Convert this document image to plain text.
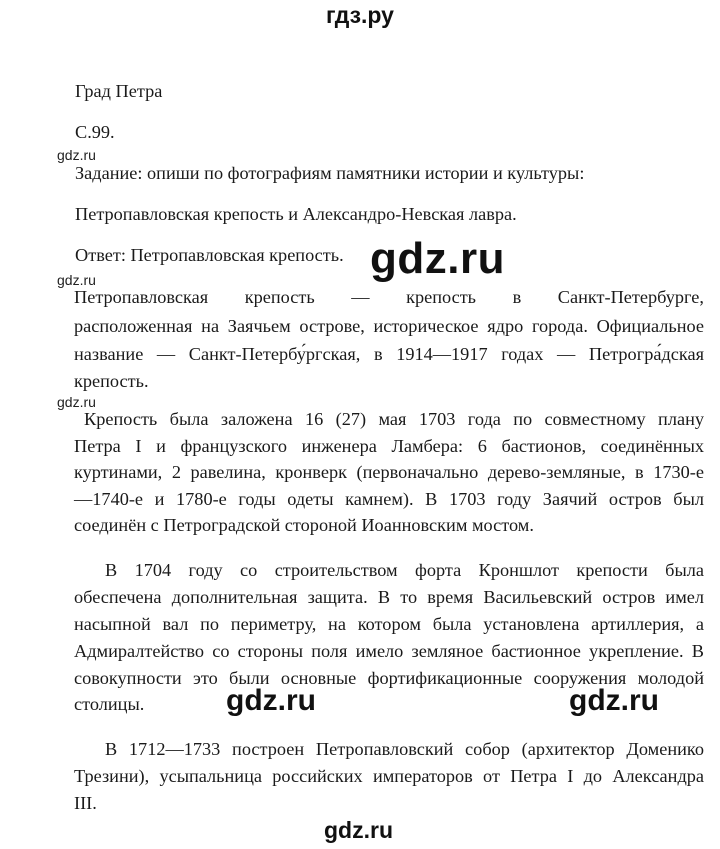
гдз.ру
gdz.ru
gdz.ru
gdz.ru
gdz.ru
gdz.ru	gdz.ru
gdz.ru
Град Петра
С.99.
Задание: опиши по фотографиям памятники истории и культуры:
Петропавловская крепость и Александро-Невская лавра.
Ответ: Петропавловская крепость.
Петропавловская крепость — крепость в Санкт-Петербурге,
расположенная на Заячьем острове, историческое ядро города. Официальное
название — Санкт-Петербу́ргская, в 1914—1917 годах — Петрогра́дская
крепость.
Крепость была заложена 16 (27) мая 1703 года по совместному плану
Петра I и французского инженера Ламбера: 6 бастионов, соединённых
куртинами, 2 равелина, кронверк (первоначально дерево-земляные, в 1730-е
—1740-е и 1780-е годы одеты камнем). В 1703 году Заячий остров был
соединён с Петроградской стороной Иоанновским мостом.
В 1704 году со строительством форта Кроншлот крепости была
обеспечена дополнительная защита. В то время Васильевский остров имел
насыпной вал по периметру, на котором была установлена артиллерия, а
Адмиралтейство со стороны поля имело земляное бастионное укрепление. В
совокупности это были основные фортификационные сооружения молодой
столицы.
В 1712—1733 построен Петропавловский собор (архитектор Доменико
Трезини), усыпальница российских императоров от Петра I до Александра
III.
